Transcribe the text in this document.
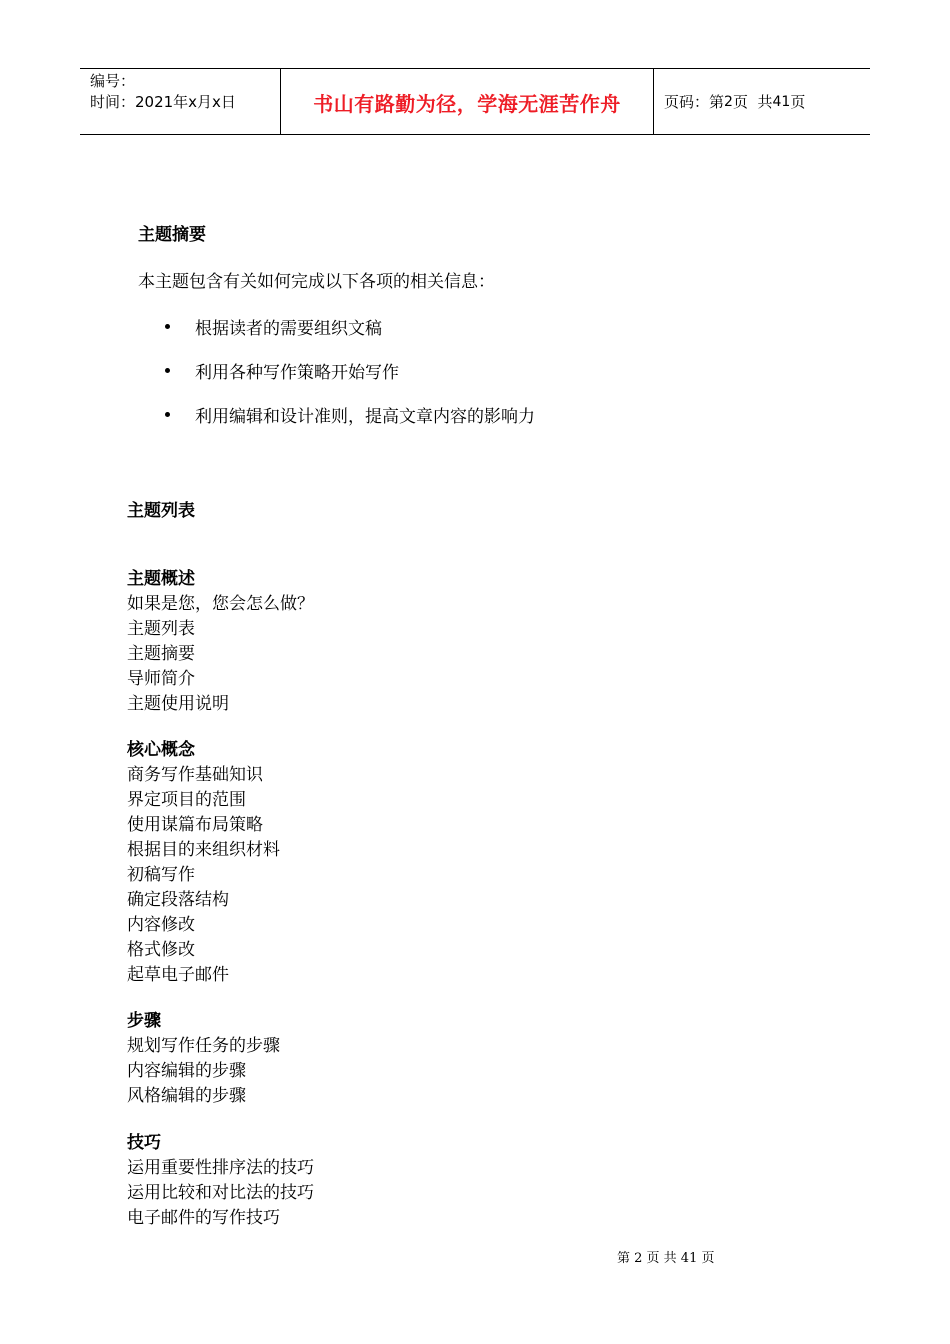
编号：
时间：2021年x月x日	书山有路勤为径，学海无涯苦作舟	页码：第 2 页  共 41 页
主题摘要
本主题包含有关如何完成以下各项的相关信息：
根据读者的需要组织文稿
利用各种写作策略开始写作
利用编辑和设计准则，提高文章内容的影响力
主题列表
主题概述
如果是您，您会怎么做？
主题列表
主题摘要
导师简介
主题使用说明
核心概念
商务写作基础知识
界定项目的范围
使用谋篇布局策略
根据目的来组织材料
初稿写作
确定段落结构
内容修改
格式修改
起草电子邮件
步骤
规划写作任务的步骤
内容编辑的步骤
风格编辑的步骤
技巧
运用重要性排序法的技巧
运用比较和对比法的技巧
电子邮件的写作技巧
第 2 页 共 41 页
